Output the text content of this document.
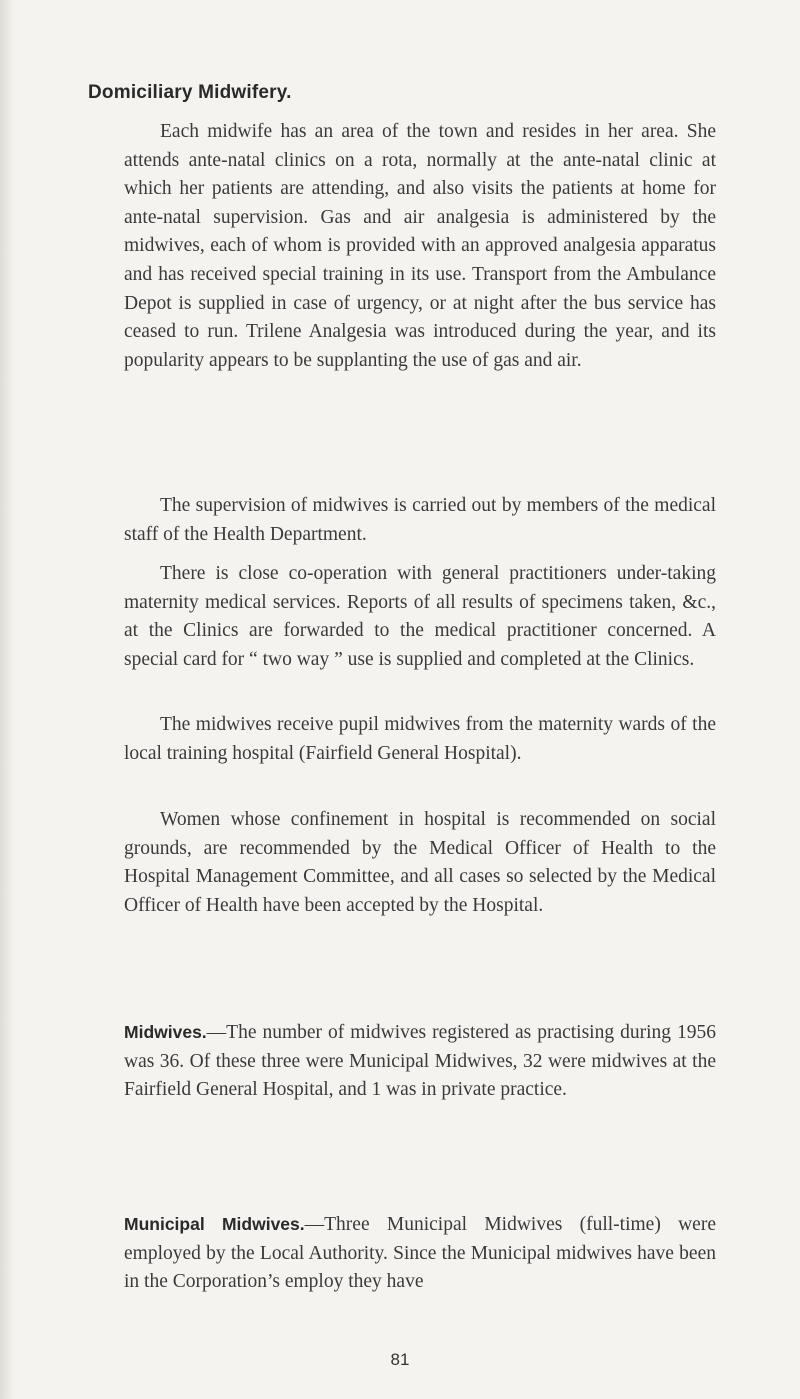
Domiciliary Midwifery.

Each midwife has an area of the town and resides in her area. She attends ante-natal clinics on a rota, normally at the ante-natal clinic at which her patients are attending, and also visits the patients at home for ante-natal supervision. Gas and air analgesia is administered by the midwives, each of whom is provided with an approved analgesia apparatus and has received special training in its use. Transport from the Ambulance Depot is supplied in case of urgency, or at night after the bus service has ceased to run. Trilene Analgesia was introduced during the year, and its popularity appears to be supplanting the use of gas and air.

The supervision of midwives is carried out by members of the medical staff of the Health Department.

There is close co-operation with general practitioners under-taking maternity medical services. Reports of all results of specimens taken, &c., at the Clinics are forwarded to the medical practitioner concerned. A special card for “ two way ” use is supplied and completed at the Clinics.

The midwives receive pupil midwives from the maternity wards of the local training hospital (Fairfield General Hospital).

Women whose confinement in hospital is recommended on social grounds, are recommended by the Medical Officer of Health to the Hospital Management Committee, and all cases so selected by the Medical Officer of Health have been accepted by the Hospital.

Midwives.—The number of midwives registered as practising during 1956 was 36. Of these three were Municipal Midwives, 32 were midwives at the Fairfield General Hospital, and 1 was in private practice.

Municipal Midwives.—Three Municipal Midwives (full-time) were employed by the Local Authority. Since the Municipal midwives have been in the Corporation’s employ they have

81
